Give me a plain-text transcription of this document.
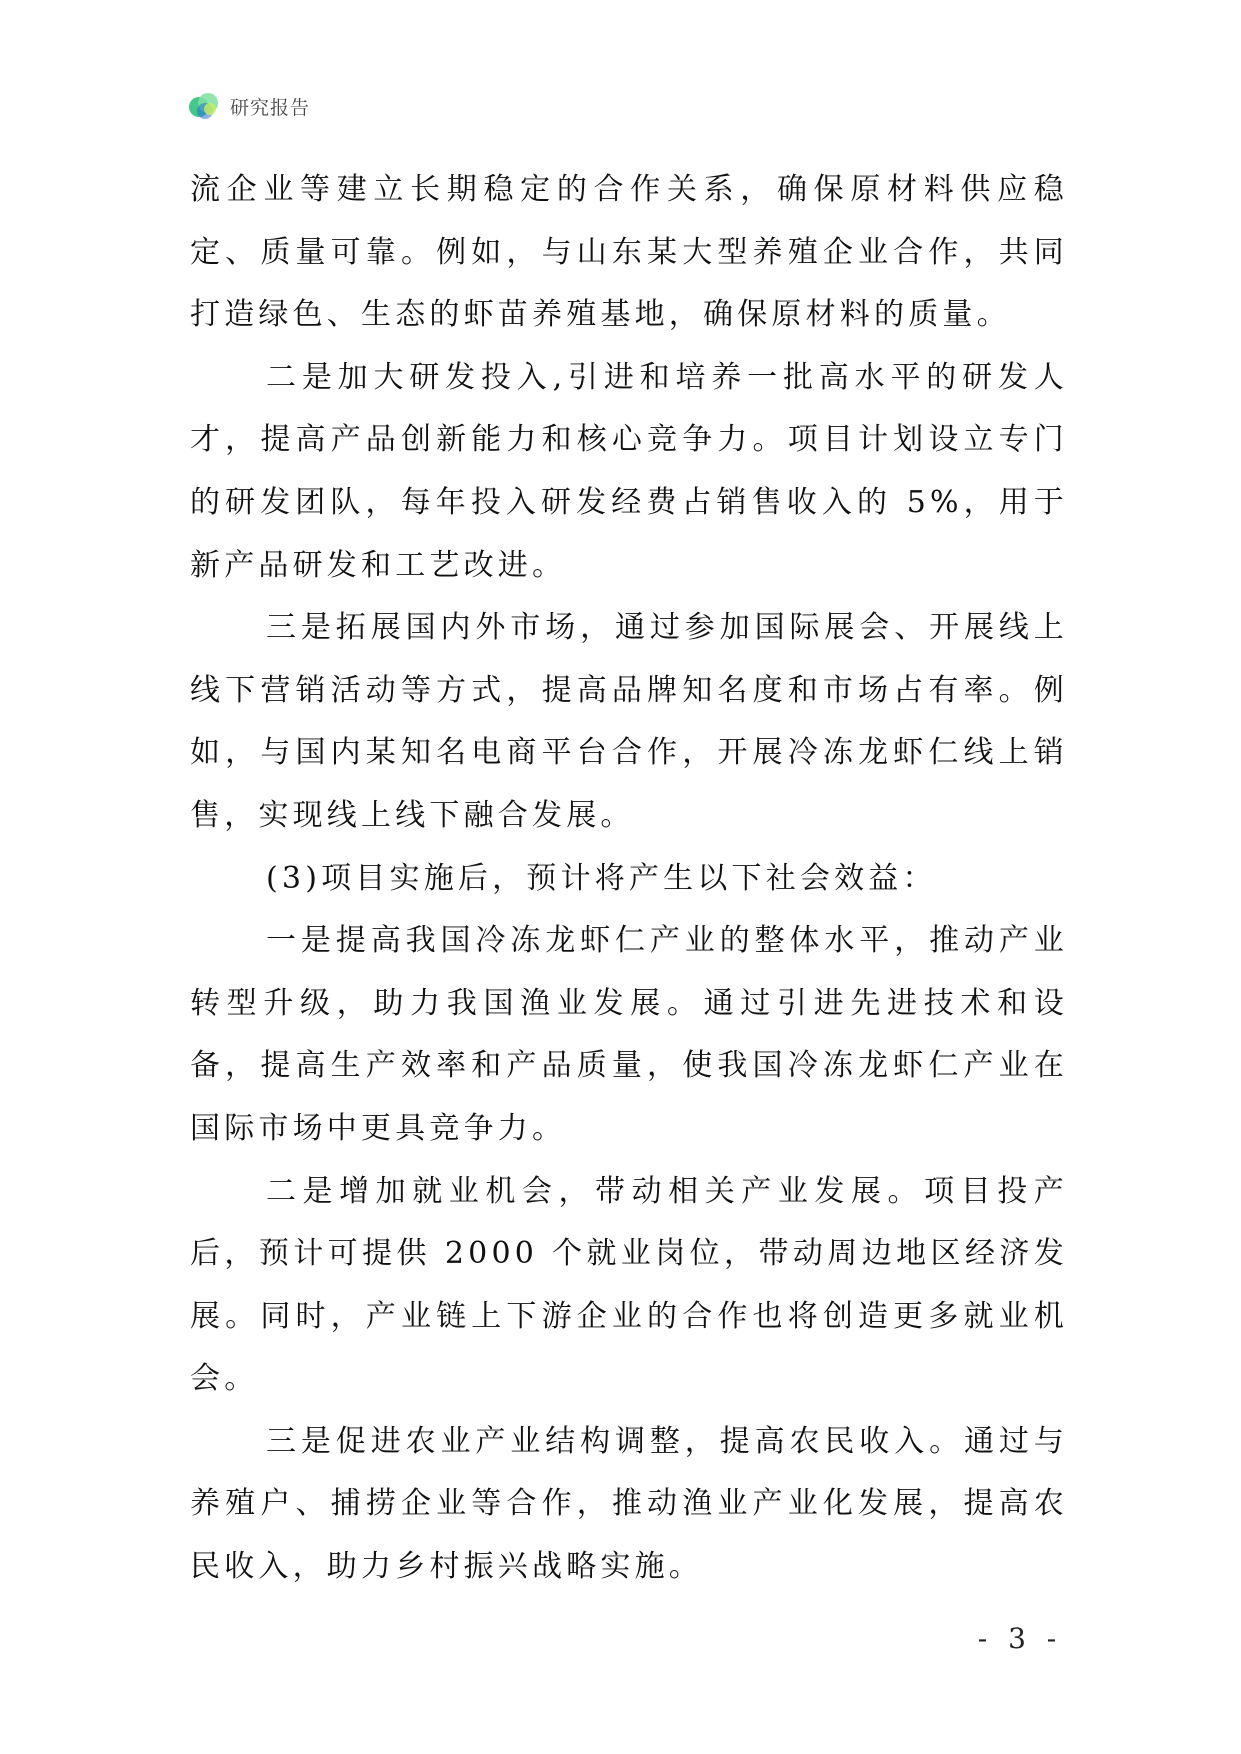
研究报告

流企业等建立长期稳定的合作关系，确保原材料供应稳定、质量可靠。例如，与山东某大型养殖企业合作，共同打造绿色、生态的虾苗养殖基地，确保原材料的质量。

二是加大研发投入,引进和培养一批高水平的研发人才，提高产品创新能力和核心竞争力。项目计划设立专门的研发团队，每年投入研发经费占销售收入的 5%，用于新产品研发和工艺改进。

三是拓展国内外市场，通过参加国际展会、开展线上线下营销活动等方式，提高品牌知名度和市场占有率。例如，与国内某知名电商平台合作，开展冷冻龙虾仁线上销售，实现线上线下融合发展。

(3)项目实施后，预计将产生以下社会效益：

一是提高我国冷冻龙虾仁产业的整体水平，推动产业转型升级，助力我国渔业发展。通过引进先进技术和设备，提高生产效率和产品质量，使我国冷冻龙虾仁产业在国际市场中更具竞争力。

二是增加就业机会，带动相关产业发展。项目投产后，预计可提供 2000 个就业岗位，带动周边地区经济发展。同时，产业链上下游企业的合作也将创造更多就业机会。

三是促进农业产业结构调整，提高农民收入。通过与养殖户、捕捞企业等合作，推动渔业产业化发展，提高农民收入，助力乡村振兴战略实施。

- 3 -
